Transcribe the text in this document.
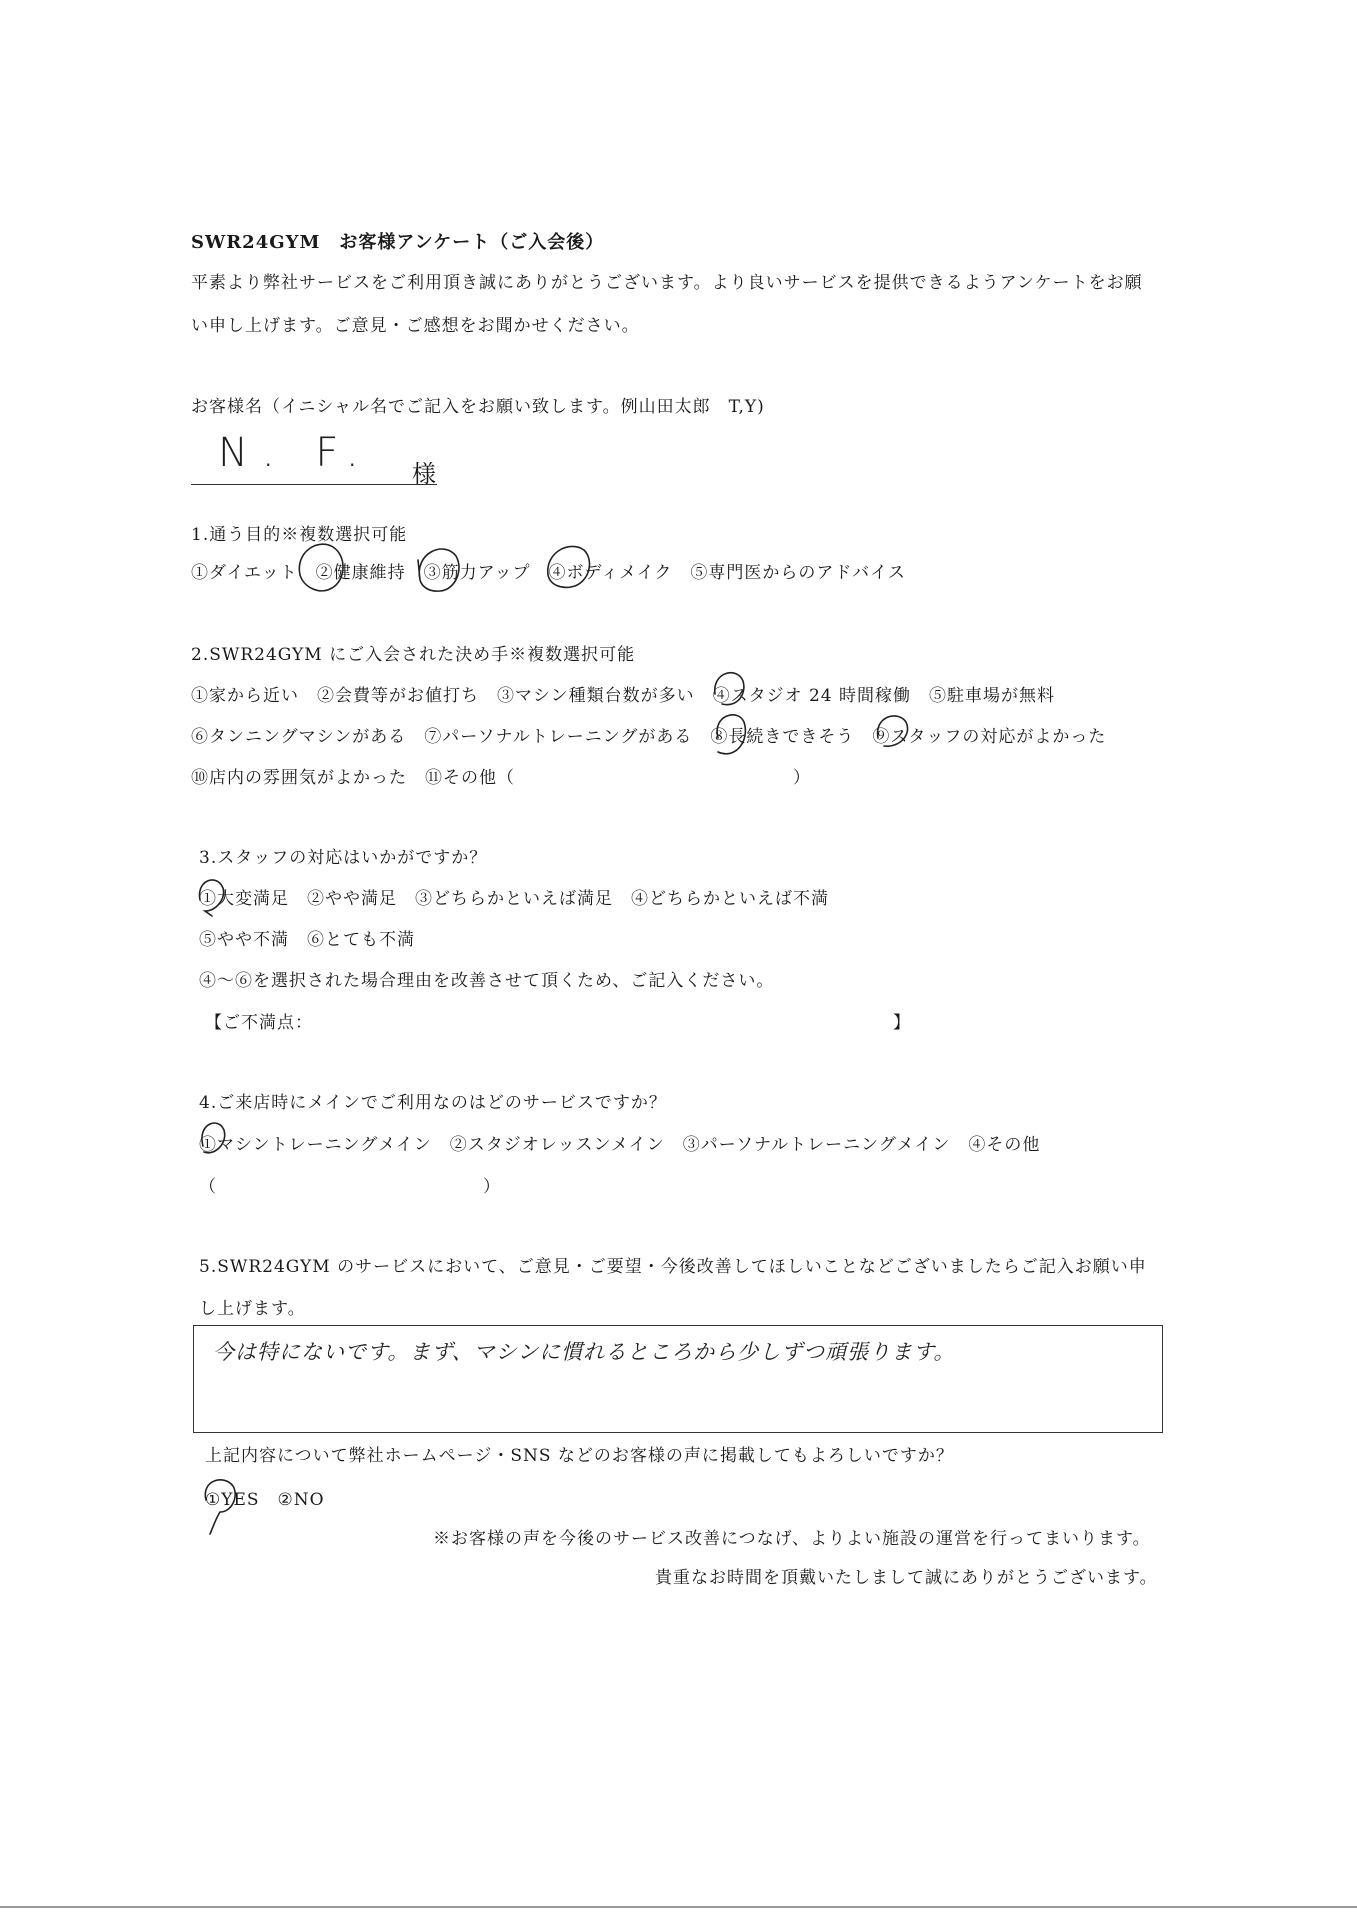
SWR24GYM　お客様アンケート（ご入会後）
平素より弊社サービスをご利用頂き誠にありがとうございます。より良いサービスを提供できるようアンケートをお願
い申し上げます。ご意見・ご感想をお聞かせください。
お客様名（イニシャル名でご記入をお願い致します。例山田太郎　T,Y)
N. F. 様
1.通う目的※複数選択可能
①ダイエット　②健康維持　③筋力アップ　④ボディメイク　⑤専門医からのアドバイス
2.SWR24GYM にご入会された決め手※複数選択可能
①家から近い　②会費等がお値打ち　③マシン種類台数が多い　④スタジオ 24 時間稼働　⑤駐車場が無料
⑥タンニングマシンがある　⑦パーソナルトレーニングがある　⑧長続きできそう　⑨スタッフの対応がよかった
⑩店内の雰囲気がよかった　⑪その他（	）
3.スタッフの対応はいかがですか？
①大変満足　②やや満足　③どちらかといえば満足　④どちらかといえば不満
⑤やや不満　⑥とても不満
④～⑥を選択された場合理由を改善させて頂くため、ご記入ください。
【ご不満点：	】
4.ご来店時にメインでご利用なのはどのサービスですか？
①マシントレーニングメイン　②スタジオレッスンメイン　③パーソナルトレーニングメイン　④その他
（	）
5.SWR24GYM のサービスにおいて、ご意見・ご要望・今後改善してほしいことなどございましたらご記入お願い申
し上げます。
今は特にないです。まず、マシンに慣れるところから少しずつ頑張ります。
上記内容について弊社ホームページ・SNS などのお客様の声に掲載してもよろしいですか？
①YES　②NO
※お客様の声を今後のサービス改善につなげ、よりよい施設の運営を行ってまいります。
貴重なお時間を頂戴いたしまして誠にありがとうございます。
